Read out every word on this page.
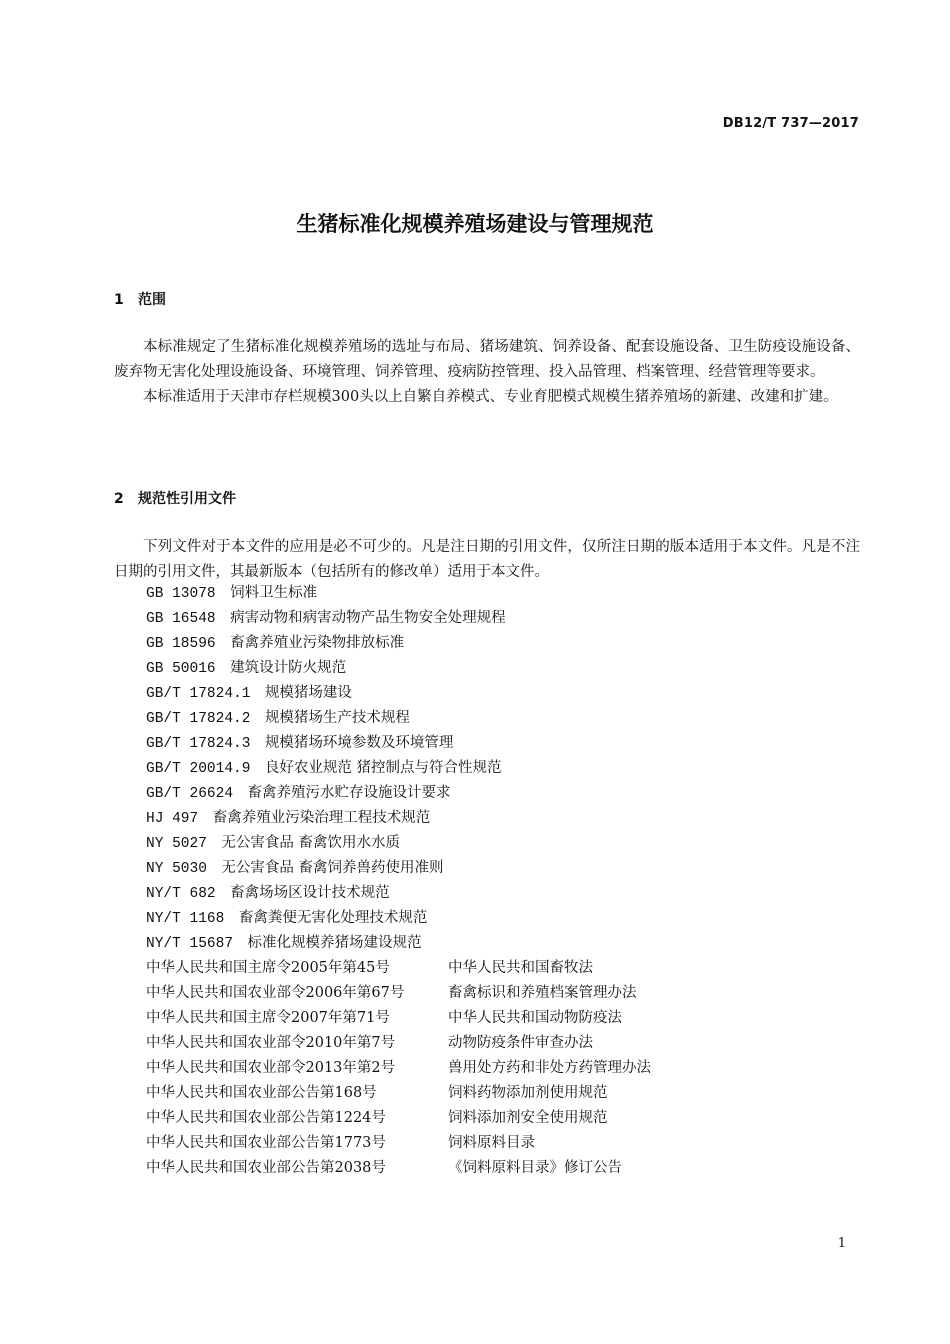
DB12/T 737—2017
生猪标准化规模养殖场建设与管理规范
1 范围

本标准规定了生猪标准化规模养殖场的选址与布局、猪场建筑、饲养设备、配套设施设备、卫生防疫设施设备、废弃物无害化处理设施设备、环境管理、饲养管理、疫病防控管理、投入品管理、档案管理、经营管理等要求。

本标准适用于天津市存栏规模300头以上自繁自养模式、专业育肥模式规模生猪养殖场的新建、改建和扩建。

2 规范性引用文件

下列文件对于本文件的应用是必不可少的。凡是注日期的引用文件，仅所注日期的版本适用于本文件。凡是不注日期的引用文件，其最新版本（包括所有的修改单）适用于本文件。

GB 13078   饲料卫生标准
GB 16548   病害动物和病害动物产品生物安全处理规程
GB 18596   畜禽养殖业污染物排放标准
GB 50016   建筑设计防火规范
GB/T 17824.1   规模猪场建设
GB/T 17824.2   规模猪场生产技术规程
GB/T 17824.3   规模猪场环境参数及环境管理
GB/T 20014.9   良好农业规范 猪控制点与符合性规范
GB/T 26624   畜禽养殖污水贮存设施设计要求
HJ 497   畜禽养殖业污染治理工程技术规范
NY 5027   无公害食品 畜禽饮用水水质
NY 5030   无公害食品 畜禽饲养兽药使用准则
NY/T 682   畜禽场场区设计技术规范
NY/T 1168   畜禽粪便无害化处理技术规范
NY/T 15687   标准化规模养猪场建设规范
中华人民共和国主席令2005年第45号	中华人民共和国畜牧法
中华人民共和国农业部令2006年第67号	畜禽标识和养殖档案管理办法
中华人民共和国主席令2007年第71号	中华人民共和国动物防疫法
中华人民共和国农业部令2010年第7号	动物防疫条件审查办法
中华人民共和国农业部令2013年第2号	兽用处方药和非处方药管理办法
中华人民共和国农业部公告第168号	饲料药物添加剂使用规范
中华人民共和国农业部公告第1224号	饲料添加剂安全使用规范
中华人民共和国农业部公告第1773号	饲料原料目录
中华人民共和国农业部公告第2038号	《饲料原料目录》修订公告
1
